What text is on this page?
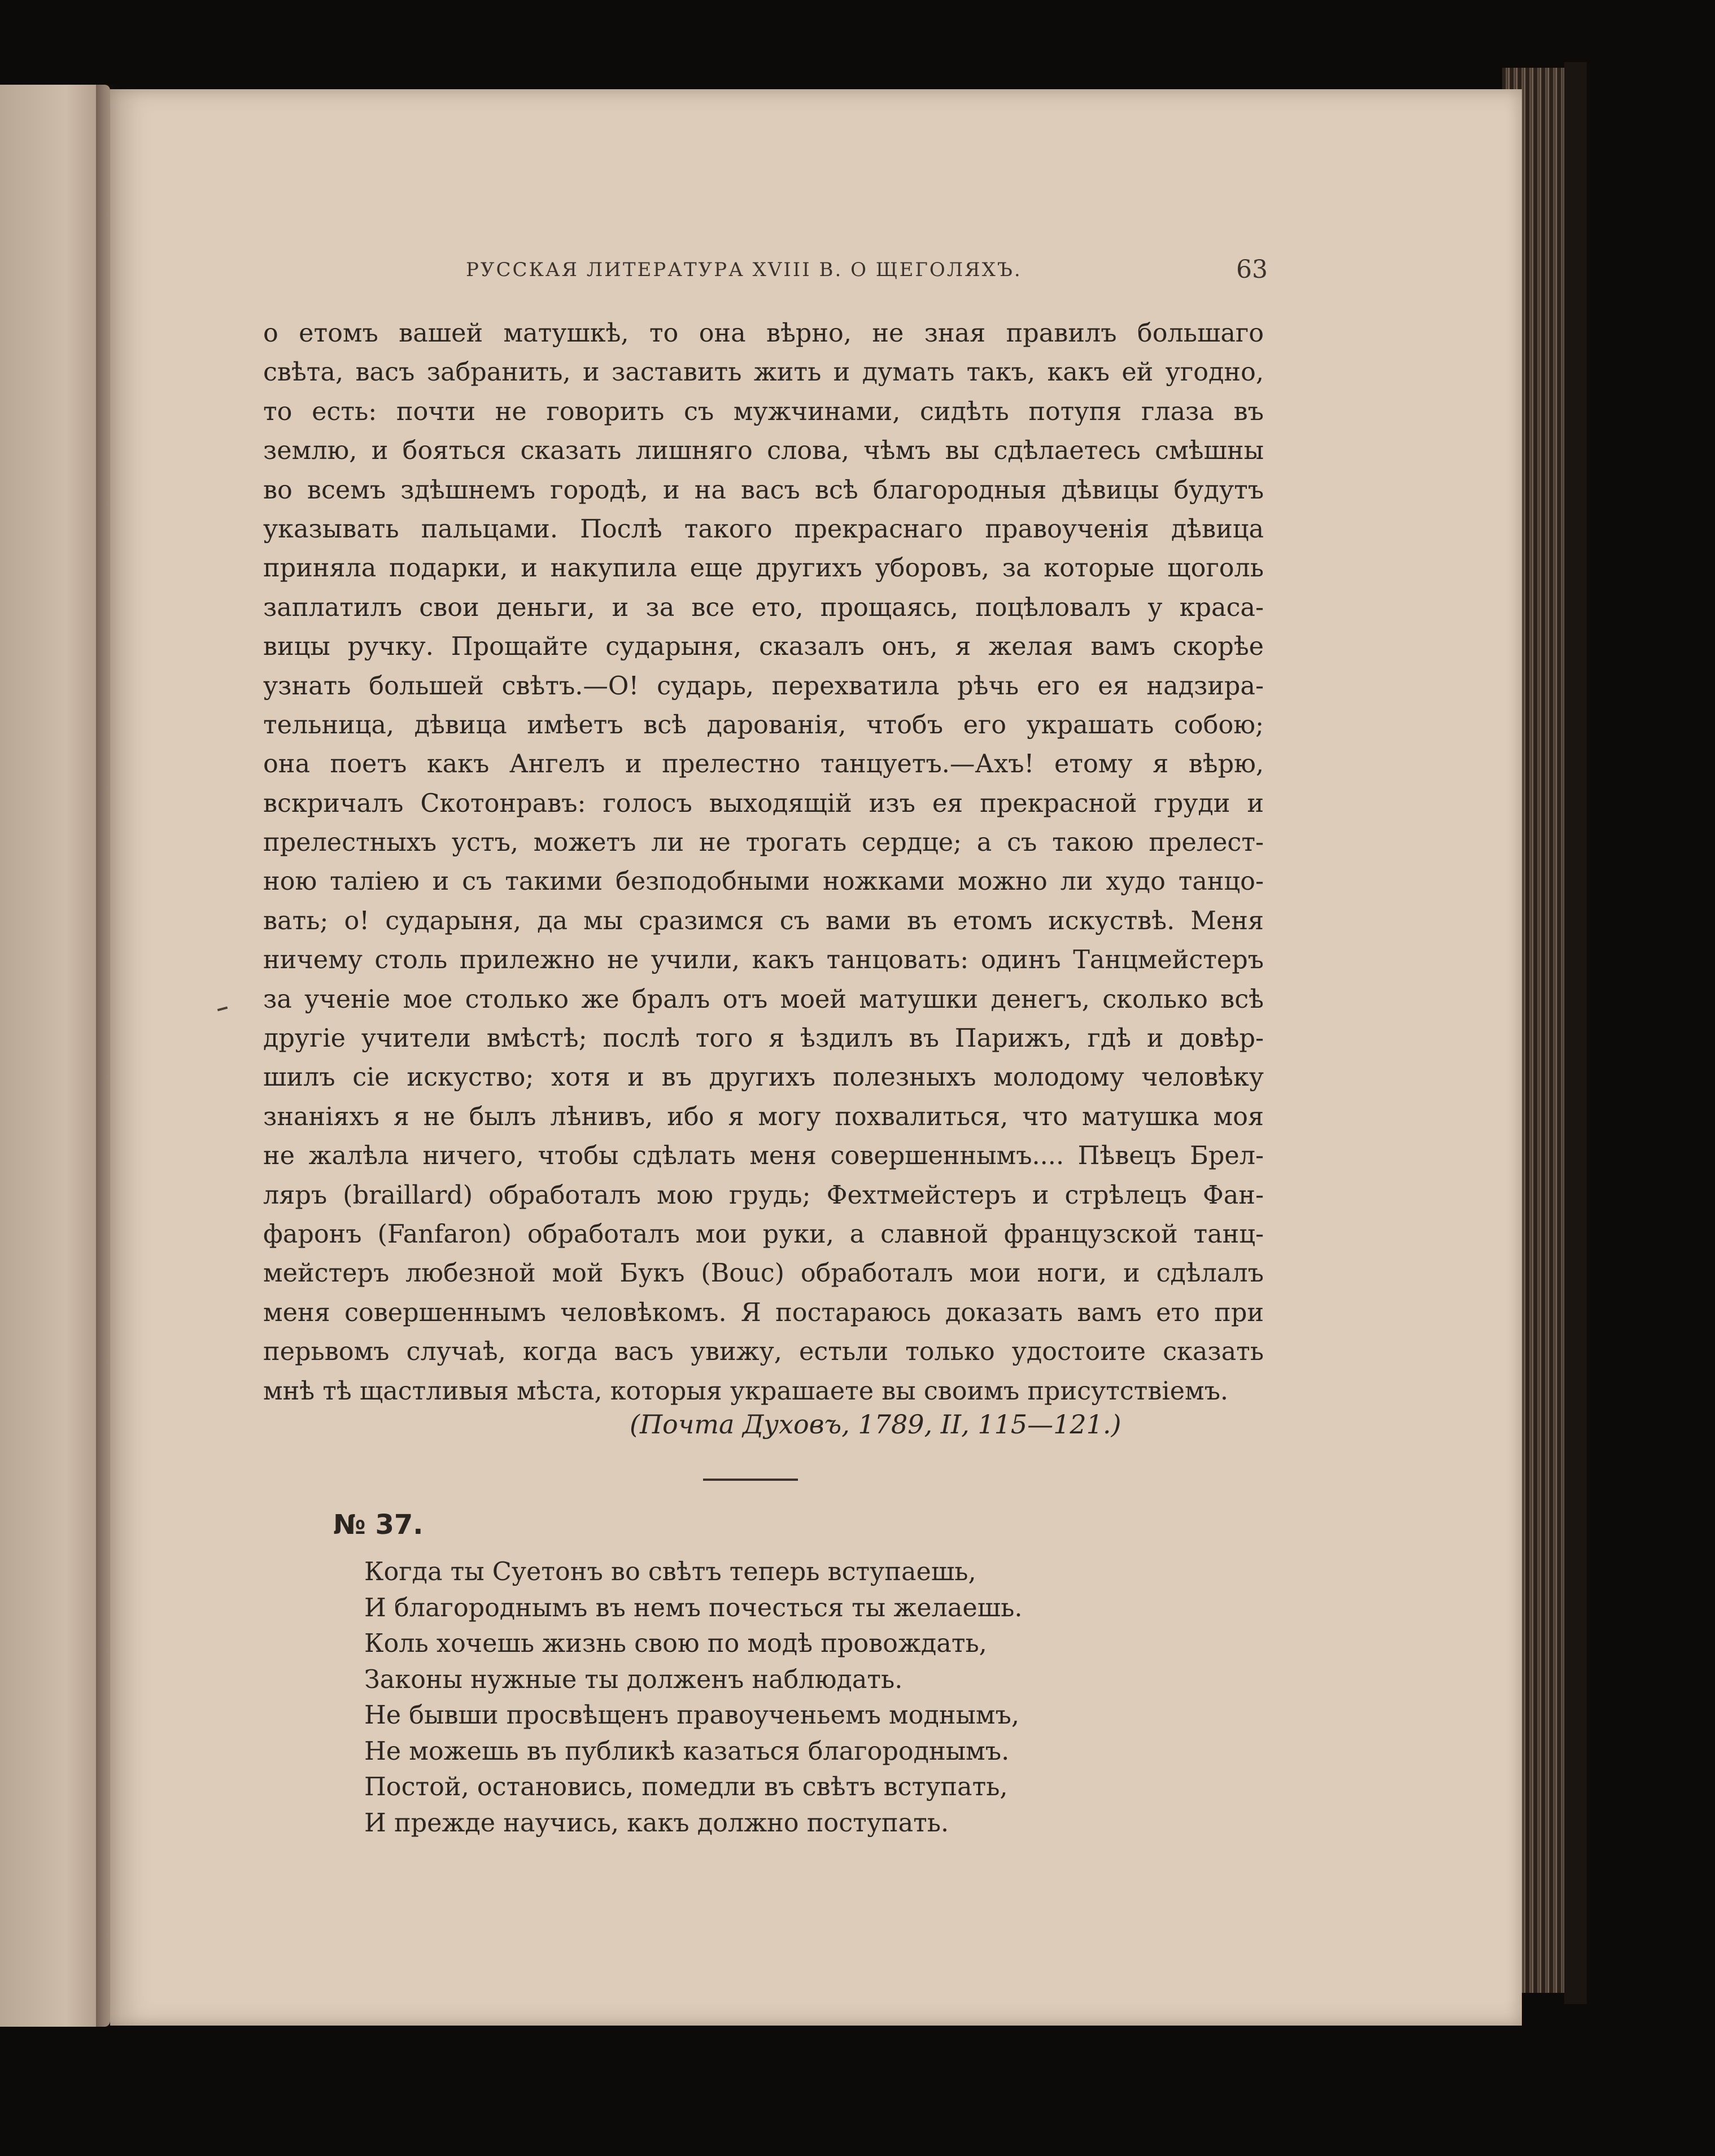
РУССКАЯ ЛИТЕРАТУРА XVIII В. О ЩЕГОЛЯХЪ.	63
о етомъ вашей матушкѣ, то она вѣрно, не зная правилъ большаго
свѣта, васъ забранить, и заставить жить и думать такъ, какъ ей угодно,
то есть: почти не говорить съ мужчинами, сидѣть потупя глаза въ
землю, и бояться сказать лишняго слова, чѣмъ вы сдѣлаетесь смѣшны
во всемъ здѣшнемъ городѣ, и на васъ всѣ благородныя дѣвицы будутъ
указывать пальцами. Послѣ такого прекраснаго правоученія дѣвица
приняла подарки, и накупила еще другихъ уборовъ, за которые щоголь
заплатилъ свои деньги, и за все ето, прощаясь, поцѣловалъ у краса-
вицы ручку. Прощайте сударыня, сказалъ онъ, я желая вамъ скорѣе
узнать большей свѣтъ.—О! сударь, перехватила рѣчь его ея надзира-
тельница, дѣвица имѣетъ всѣ дарованія, чтобъ его украшать собою;
она поетъ какъ Ангелъ и прелестно танцуетъ.—Ахъ! етому я вѣрю,
вскричалъ Скотонравъ: голосъ выходящій изъ ея прекрасной груди и
прелестныхъ устъ, можетъ ли не трогать сердце; а съ такою прелест-
ною таліею и съ такими безподобными ножками можно ли худо танцо-
вать; о! сударыня, да мы сразимся съ вами въ етомъ искуствѣ. Меня
ничему столь прилежно не учили, какъ танцовать: одинъ Танцмейстеръ
за ученіе мое столько же бралъ отъ моей матушки денегъ, сколько всѣ
другіе учители вмѣстѣ; послѣ того я ѣздилъ въ Парижъ, гдѣ и довѣр-
шилъ сіе искуство; хотя и въ другихъ полезныхъ молодому человѣку
знаніяхъ я не былъ лѣнивъ, ибо я могу похвалиться, что матушка моя
не жалѣла ничего, чтобы сдѣлать меня совершеннымъ.... Пѣвецъ Брел-
ляръ (braillard) обработалъ мою грудь; Фехтмейстеръ и стрѣлецъ Фан-
фаронъ (Fanfaron) обработалъ мои руки, а славной французской танц-
мейстеръ любезной мой Букъ (Bouc) обработалъ мои ноги, и сдѣлалъ
меня совершеннымъ человѣкомъ. Я постараюсь доказать вамъ ето при
перьвомъ случаѣ, когда васъ увижу, естьли только удостоите сказать
мнѣ тѣ щастливыя мѣста, которыя украшаете вы своимъ присутствіемъ.
(Почта Духовъ, 1789, II, 115—121.)
№ 37.
Когда ты Суетонъ во свѣтъ теперь вступаешь,
И благороднымъ въ немъ почесться ты желаешь.
Коль хочешь жизнь свою по модѣ провождать,
Законы нужные ты долженъ наблюдать.
Не бывши просвѣщенъ правоученьемъ моднымъ,
Не можешь въ публикѣ казаться благороднымъ.
Постой, остановись, помедли въ свѣтъ вступать,
И прежде научись, какъ должно поступать.
